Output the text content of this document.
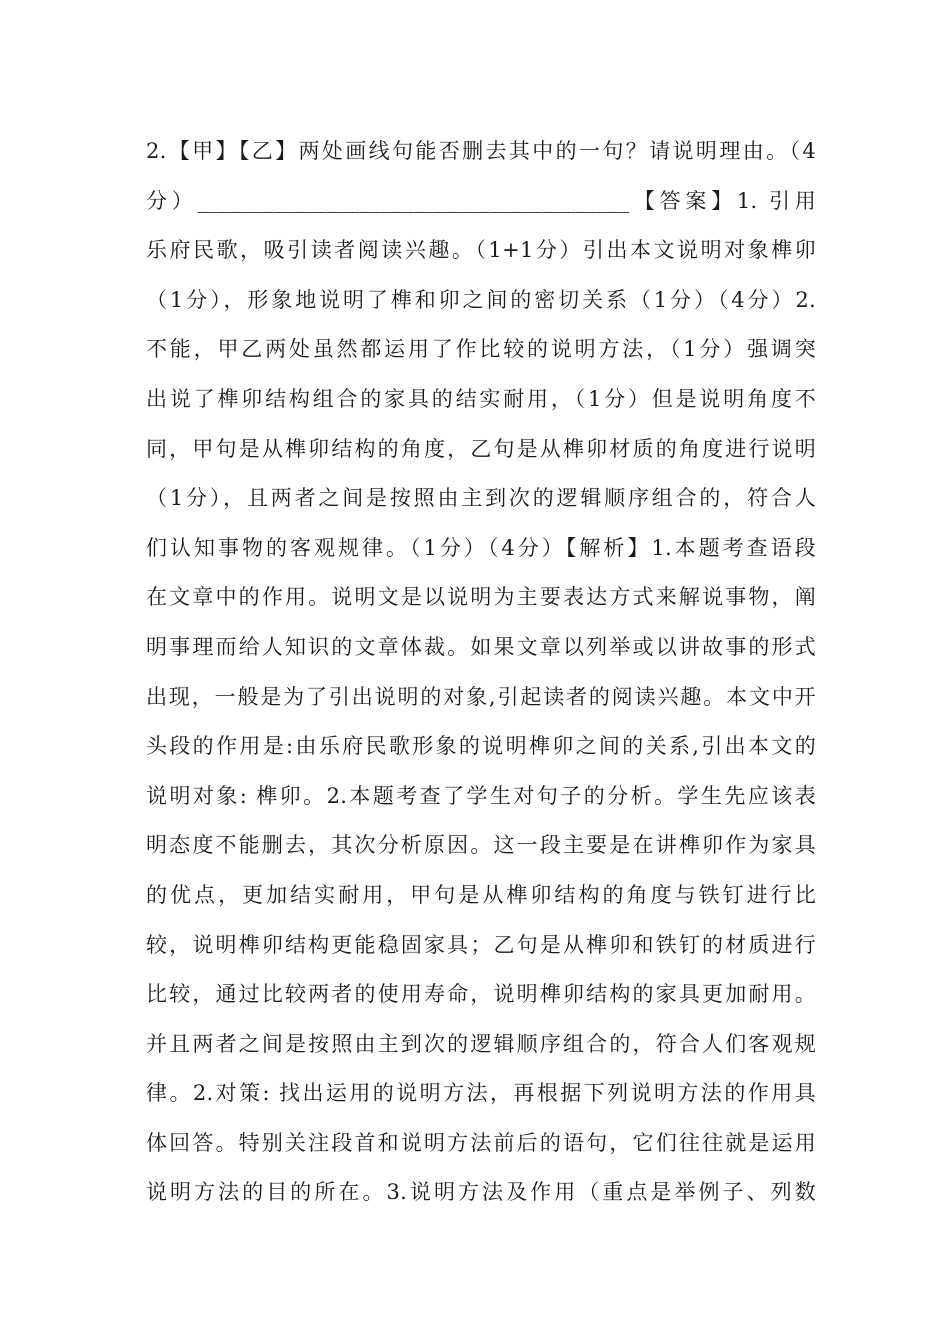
2.【甲】【乙】两处画线句能否删去其中的一句？请说明理由。（4
分）________________________________________【答案】1. 引用
乐府民歌，吸引读者阅读兴趣。（1+1分）引出本文说明对象榫卯
（1分），形象地说明了榫和卯之间的密切关系（1分）（4分）2.
不能，甲乙两处虽然都运用了作比较的说明方法，（1分）强调突
出说了榫卯结构组合的家具的结实耐用，（1分）但是说明角度不
同，甲句是从榫卯结构的角度，乙句是从榫卯材质的角度进行说明
（1分），且两者之间是按照由主到次的逻辑顺序组合的，符合人
们认知事物的客观规律。（1分）（4分）【解析】1.本题考查语段
在文章中的作用。说明文是以说明为主要表达方式来解说事物，阐
明事理而给人知识的文章体裁。如果文章以列举或以讲故事的形式
出现，一般是为了引出说明的对象,引起读者的阅读兴趣。本文中开
头段的作用是:由乐府民歌形象的说明榫卯之间的关系,引出本文的
说明对象: 榫卯。2.本题考查了学生对句子的分析。学生先应该表
明态度不能删去，其次分析原因。这一段主要是在讲榫卯作为家具
的优点，更加结实耐用，甲句是从榫卯结构的角度与铁钉进行比
较，说明榫卯结构更能稳固家具；乙句是从榫卯和铁钉的材质进行
比较，通过比较两者的使用寿命，说明榫卯结构的家具更加耐用。
并且两者之间是按照由主到次的逻辑顺序组合的，符合人们客观规
律。2.对策: 找出运用的说明方法，再根据下列说明方法的作用具
体回答。特别关注段首和说明方法前后的语句，它们往往就是运用
说明方法的目的所在。3.说明方法及作用（重点是举例子、列数
